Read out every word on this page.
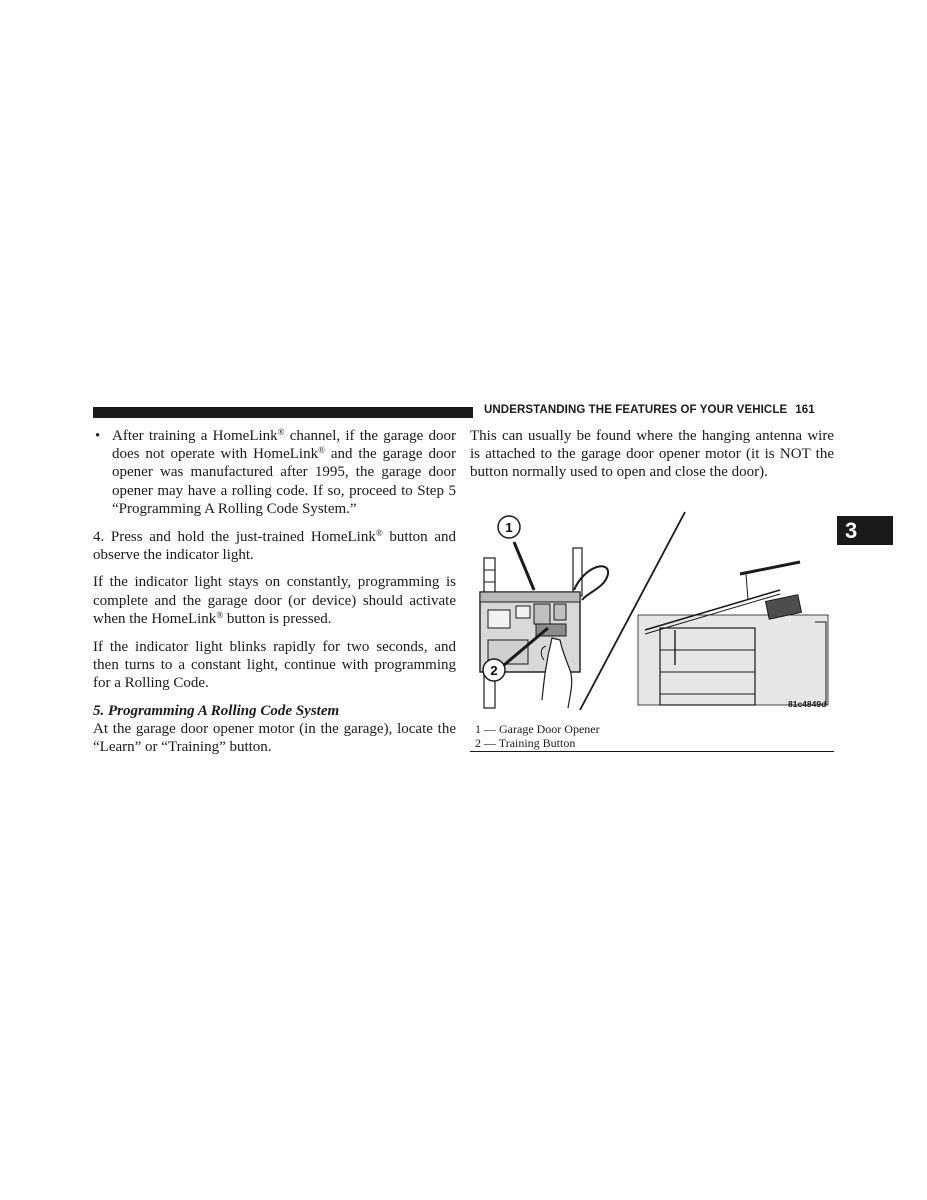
UNDERSTANDING THE FEATURES OF YOUR VEHICLE 161
3
• After training a HomeLink® channel, if the garage door does not operate with HomeLink® and the garage door opener was manufactured after 1995, the garage door opener may have a rolling code. If so, proceed to Step 5 “Programming A Rolling Code System.”

4. Press and hold the just-trained HomeLink® button and observe the indicator light.

If the indicator light stays on constantly, programming is complete and the garage door (or device) should activate when the HomeLink® button is pressed.

If the indicator light blinks rapidly for two seconds, and then turns to a constant light, continue with programming for a Rolling Code.

5. Programming A Rolling Code System

At the garage door opener motor (in the garage), locate the “Learn” or “Training” button.

This can usually be found where the hanging antenna wire is attached to the garage door opener motor (it is NOT the button normally used to open and close the door).

1
2
81c4849d
1 — Garage Door Opener
2 — Training Button
